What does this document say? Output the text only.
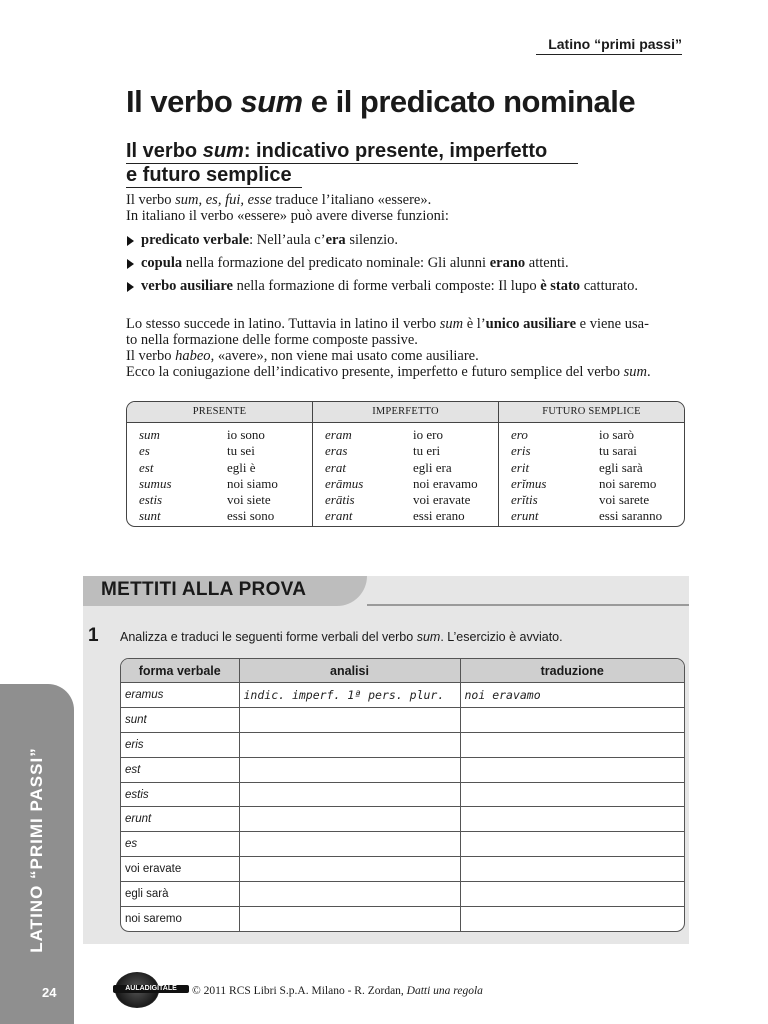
Latino “primi passi”
Il verbo sum e il predicato nominale
Il verbo sum: indicativo presente, imperfetto
e futuro semplice
Il verbo sum, es, fui, esse traduce l’italiano «essere».
In italiano il verbo «essere» può avere diverse funzioni:
predicato verbale: Nell’aula c’era silenzio.
copula nella formazione del predicato nominale: Gli alunni erano attenti.
verbo ausiliare nella formazione di forme verbali composte: Il lupo è stato catturato.
Lo stesso succede in latino. Tuttavia in latino il verbo sum è l’unico ausiliare e viene usa-
to nella formazione delle forme composte passive.
Il verbo habeo, «avere», non viene mai usato come ausiliare.
Ecco la coniugazione dell’indicativo presente, imperfetto e futuro semplice del verbo sum.
PRESENTE
sum	io sono
es	tu sei
est	egli è
sumus	noi siamo
estis	voi siete
sunt	essi sono
IMPERFETTO
eram	io ero
eras	tu eri
erat	egli era
erāmus	noi eravamo
erātis	voi eravate
erant	essi erano
FUTURO SEMPLICE
ero	io sarò
eris	tu sarai
erit	egli sarà
erĭmus	noi saremo
erĭtis	voi sarete
erunt	essi saranno
METTITI ALLA PROVA
1 Analizza e traduci le seguenti forme verbali del verbo sum. L’esercizio è avviato.
forma verbale	analisi	traduzione
eramus	indic. imperf. 1ª pers. plur.	noi eravamo
sunt		
eris		
est		
estis		
erunt		
es		
voi eravate		
egli sarà		
noi saremo		
LATINO “PRIMI PASSI”
24	AULADIGITALE	© 2011 RCS Libri S.p.A. Milano - R. Zordan, Datti una regola
